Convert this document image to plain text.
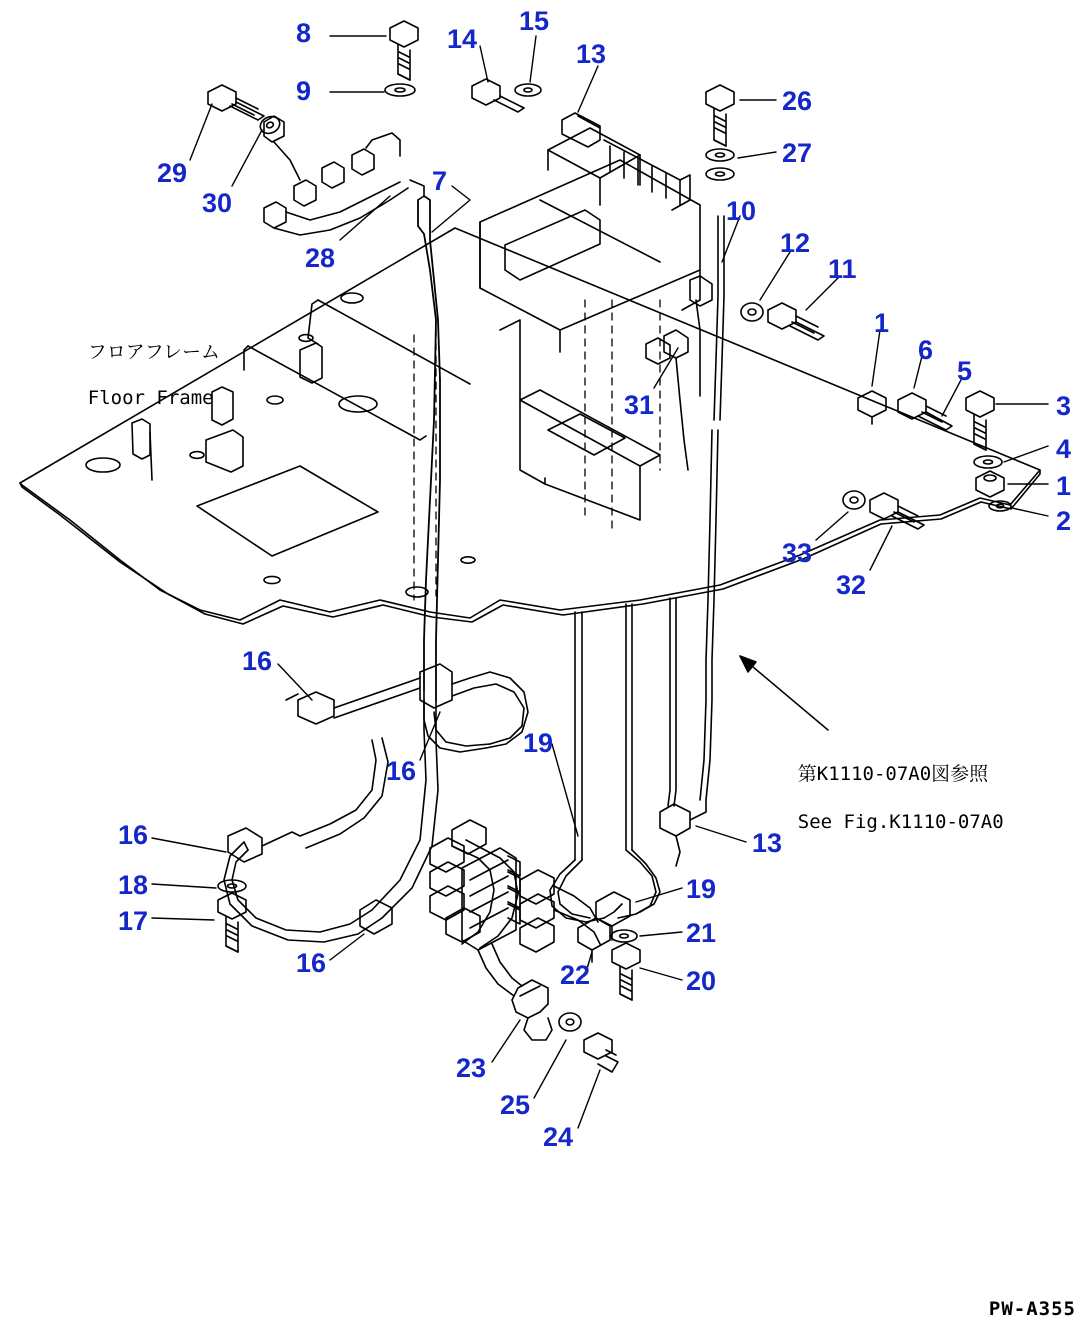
フロアフレーム

Floor Frame

第K1110-07A0図参照

See Fig.K1110-07A0

PW-A355
8	15
14	13
9	26
27
29
30
7
10
12
28	11
1
6
5
31	3
4
1
2
33
32
16
16
19
13
16
18
17
19
21
16	22	20
23
25
24
